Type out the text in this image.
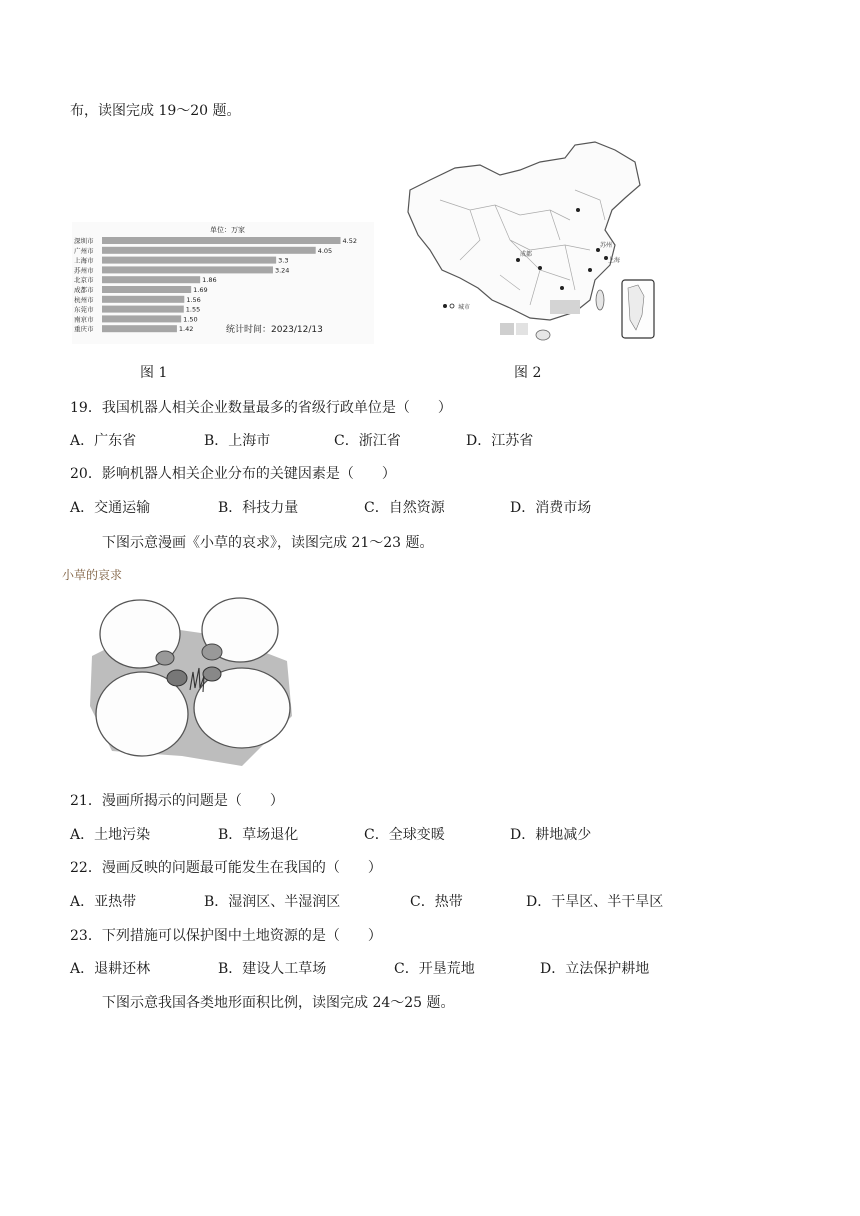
布，读图完成 19～20 题。
单位：万家
深圳市	4.52
广州市	4.05
上海市	3.3
苏州市	3.24
北京市	1.86
成都市	1.69
杭州市	1.56
东莞市	1.55
南京市	1.50
重庆市	1.42	统计时间：2023/12/13
图 1
城市
成都
苏州
上海
图 2
19．我国机器人相关企业数量最多的省级行政单位是（　　）
A．广东省	B．上海市	C．浙江省	D．江苏省
20．影响机器人相关企业分布的关键因素是（　　）
A．交通运输	B．科技力量	C．自然资源	D．消费市场
下图示意漫画《小草的哀求》，读图完成 21～23 题。
小草的哀求
21．漫画所揭示的问题是（　　）
A．土地污染	B．草场退化	C．全球变暖	D．耕地减少
22．漫画反映的问题最可能发生在我国的（　　）
A．亚热带	B．湿润区、半湿润区	C．热带	D．干旱区、半干旱区
23．下列措施可以保护图中土地资源的是（　　）
A．退耕还林	B．建设人工草场	C．开垦荒地	D．立法保护耕地
下图示意我国各类地形面积比例，读图完成 24～25 题。
